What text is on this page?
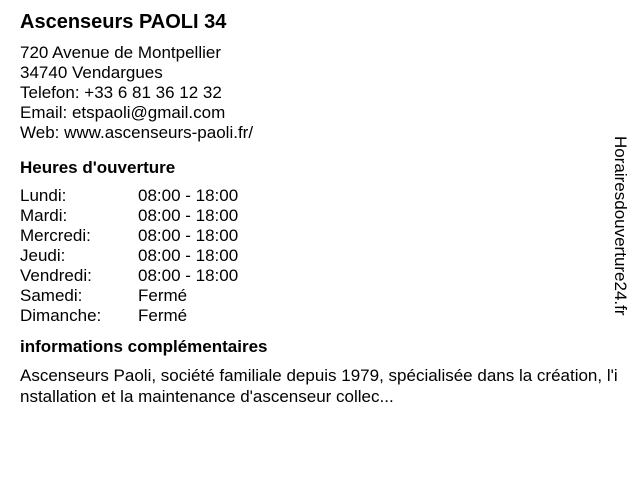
Ascenseurs PAOLI 34
720 Avenue de Montpellier
34740 Vendargues
Telefon: +33 6 81 36 12 32
Email: etspaoli@gmail.com
Web: www.ascenseurs-paoli.fr/
Heures d'ouverture
Lundi:	08:00 - 18:00
Mardi:	08:00 - 18:00
Mercredi:	08:00 - 18:00
Jeudi:	08:00 - 18:00
Vendredi:	08:00 - 18:00
Samedi:	Fermé
Dimanche:	Fermé
informations complémentaires
Ascenseurs Paoli, société familiale depuis 1979, spécialisée dans la création, l'installation et la maintenance d'ascenseur collec...
Horairesdouverture24.fr
